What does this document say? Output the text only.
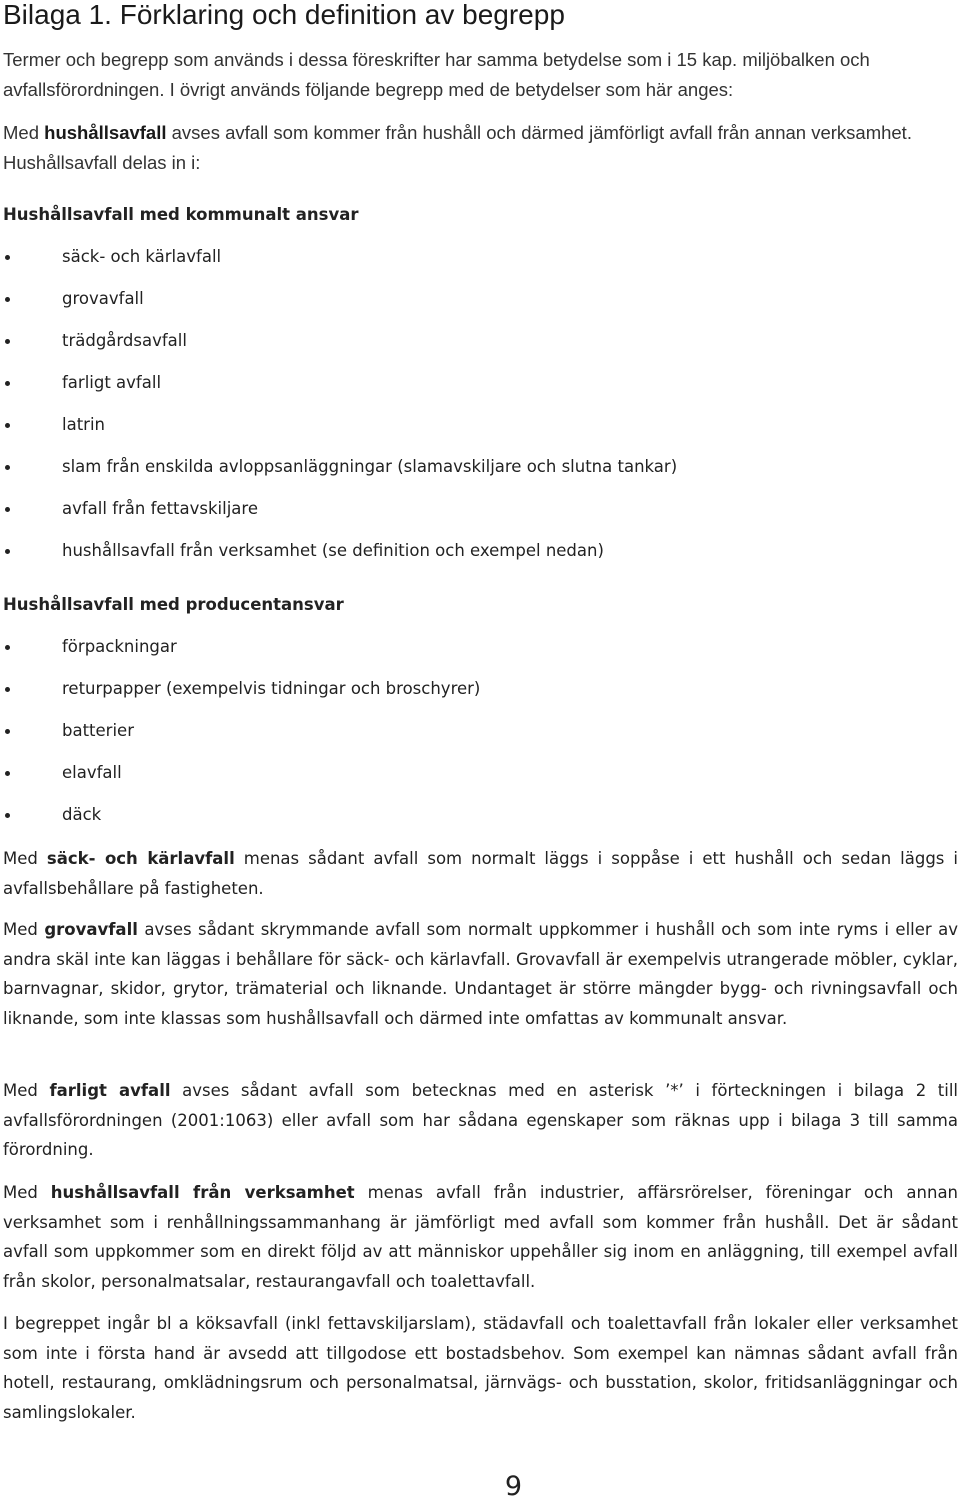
Bilaga 1. Förklaring och definition av begrepp

Termer och begrepp som används i dessa föreskrifter har samma betydelse som i 15 kap. miljöbalken och avfallsförordningen. I övrigt används följande begrepp med de betydelser som här anges:

Med hushållsavfall avses avfall som kommer från hushåll och därmed jämförligt avfall från annan verksamhet. Hushållsavfall delas in i:

Hushållsavfall med kommunalt ansvar
säck- och kärlavfall
grovavfall
trädgårdsavfall
farligt avfall
latrin
slam från enskilda avloppsanläggningar (slamavskiljare och slutna tankar)
avfall från fettavskiljare
hushållsavfall från verksamhet (se definition och exempel nedan)
Hushållsavfall med producentansvar
förpackningar
returpapper (exempelvis tidningar och broschyrer)
batterier
elavfall
däck

Med säck- och kärlavfall menas sådant avfall som normalt läggs i soppåse i ett hushåll och sedan läggs i avfallsbehållare på fastigheten.

Med grovavfall avses sådant skrymmande avfall som normalt uppkommer i hushåll och som inte ryms i eller av andra skäl inte kan läggas i behållare för säck- och kärlavfall. Grovavfall är exempelvis utrangerade möbler, cyklar, barnvagnar, skidor, grytor, trämaterial och liknande. Undantaget är större mängder bygg- och rivningsavfall och liknande, som inte klassas som hushållsavfall och därmed inte omfattas av kommunalt ansvar.

Med farligt avfall avses sådant avfall som betecknas med en asterisk ’*’ i förteckningen i bilaga 2 till avfallsförordningen (2001:1063) eller avfall som har sådana egenskaper som räknas upp i bilaga 3 till samma förordning.

Med hushållsavfall från verksamhet menas avfall från industrier, affärsrörelser, föreningar och annan verksamhet som i renhållningssammanhang är jämförligt med avfall som kommer från hushåll. Det är sådant avfall som uppkommer som en direkt följd av att människor uppehåller sig inom en anläggning, till exempel avfall från skolor, personalmatsalar, restaurangavfall och toalettavfall.

I begreppet ingår bl a köksavfall (inkl fettavskiljarslam), städavfall och toalettavfall från lokaler eller verksamhet som inte i första hand är avsedd att tillgodose ett bostadsbehov. Som exempel kan nämnas sådant avfall från hotell, restaurang, omklädningsrum och personalmatsal, järnvägs- och busstation, skolor, fritidsanläggningar och samlingslokaler.

9
